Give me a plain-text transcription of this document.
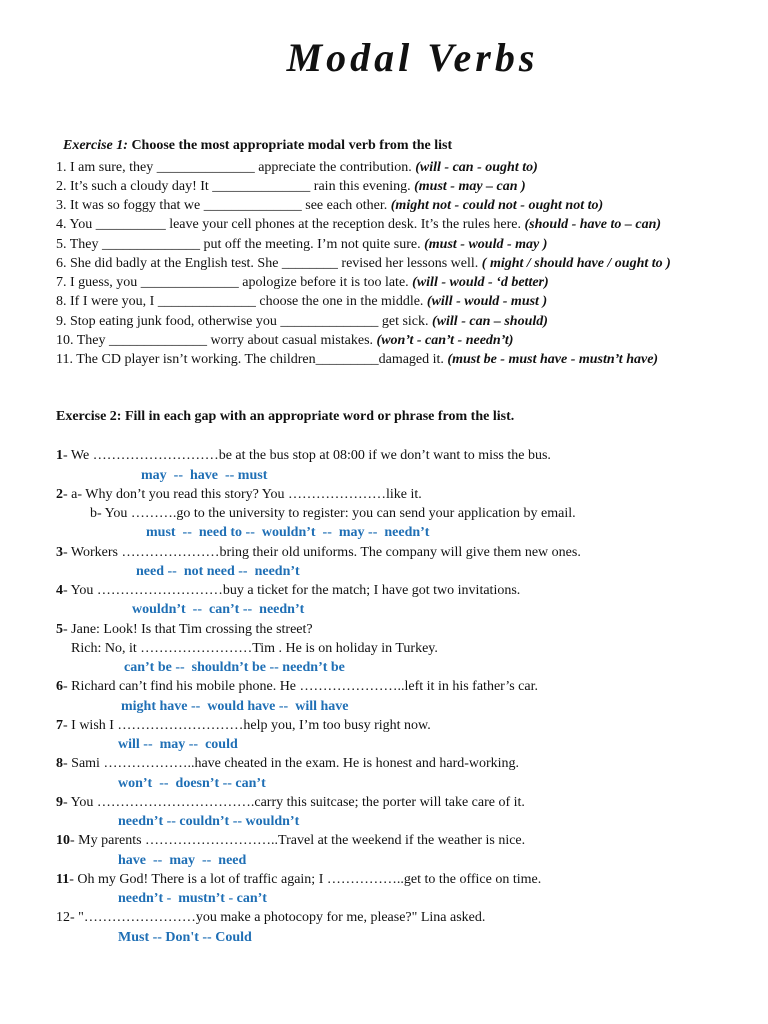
Modal Verbs
Exercise 1: Choose the most appropriate modal verb from the list
1. I am sure, they ______________ appreciate the contribution. (will - can - ought to)
2. It’s such a cloudy day! It ______________ rain this evening. (must - may – can )
3. It was so foggy that we ______________ see each other. (might not - could not - ought not to)
4. You __________ leave your cell phones at the reception desk. It’s the rules here. (should - have to – can)
5. They ______________ put off the meeting. I’m not quite sure. (must - would - may )
6. She did badly at the English test. She ________ revised her lessons well. ( might / should have / ought to )
7. I guess, you ______________ apologize before it is too late. (will - would - ‘d better)
8. If I were you, I ______________ choose the one in the middle. (will - would - must )
9. Stop eating junk food, otherwise you ______________ get sick. (will - can – should)
10. They ______________ worry about casual mistakes. (won’t - can’t - needn’t)
11. The CD player isn’t working. The children_________damaged it. (must be - must have - mustn’t have)
Exercise 2: Fill in each gap with an appropriate word or phrase from the list.
1- We ………………………be at the bus stop at 08:00 if we don’t want to miss the bus.
may  --  have  -- must
2- a- Why don’t you read this story? You …………………like it.
b- You ……….go to the university to register: you can send your application by email.
must  --  need to --  wouldn’t  --  may --  needn’t
3- Workers …………………bring their old uniforms. The company will give them new ones.
need --  not need --  needn’t
4- You ………………………buy a ticket for the match; I have got two invitations.
wouldn’t  --  can’t --  needn’t
5- Jane: Look! Is that Tim crossing the street?
Rich: No, it ……………………Tim . He is on holiday in Turkey.
can’t be --  shouldn’t be -- needn’t be
6- Richard can’t find his mobile phone. He …………………..left it in his father’s car.
might have --  would have --  will have
7- I wish I ………………………help you, I’m too busy right now.
will --  may --  could
8- Sami ………………..have cheated in the exam. He is honest and hard-working.
won’t  --  doesn’t -- can’t
9- You …………………………….carry this suitcase; the porter will take care of it.
needn’t -- couldn’t -- wouldn’t
10- My parents ………………………..Travel at the weekend if the weather is nice.
have  --  may  --  need
11- Oh my God! There is a lot of traffic again; I ……………..get to the office on time.
needn’t -  mustn’t - can’t
12- "……………………you make a photocopy for me, please?" Lina asked.
Must -- Don't -- Could
